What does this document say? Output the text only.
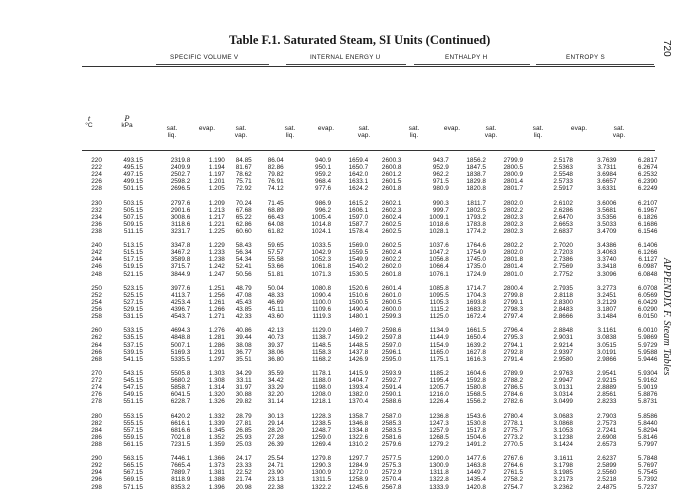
Table F.1. Saturated Steam, SI Units (Continued)	720
APPENDIX F. Steam Tables
SPECIFIC VOLUME V	INTERNAL ENERGY U	ENTHALPY H	ENTROPY S
t
°C
P
kPa	sat.
liq.
evap.	sat.
vap.
sat.
liq.
evap.	sat.
vap.
sat.
liq.
evap.	sat.
vap.
sat.
liq.
evap.	sat.
vap.
220	493.15	2319.8	1.190 84.85	86.04	940.9	1659.4 2600.3	943.7	1856.2	2799.9	2.5178	3.7639	6.2817
222	495.15	2409.9	1.194 81.67	82.86	950.1	1650.7 2600.8	952.9	1847.5	2800.5	2.5363	3.7311	6.2674
224	497.15	2502.7	1.197 78.62	79.82	959.2	1642.0 2601.2	962.2	1838.7	2800.9	2.5548	3.6984	6.2532
226	499.15	2598.2	1.201 75.71	76.91	968.4	1633.1 2601.5	971.5	1829.8	2801.4	2.5733	3.6657	6.2390
228	501.15	2696.5	1.205 72.92	74.12	977.6	1624.2 2601.8	980.9	1820.8	2801.7	2.5917	3.6331	6.2249
230	503.15	2797.6	1.209 70.24	71.45	986.9	1615.2 2602.1	990.3	1811.7	2802.0	2.6102	3.6006	6.2107
232	505.15	2901.6	1.213 67.68	68.89	996.2	1606.1 2602.3	999.7	1802.5	2802.2	2.6286	3.5681	6.1967
234	507.15	3008.6	1.217 65.22	66.43	1005.4	1597.0 2602.4	1009.1	1793.2	2802.3	2.6470	3.5356	6.1826
236	509.15	3118.6	1.221 62.86	64.08	1014.8	1587.7 2602.5	1018.6	1783.8	2802.3	2.6653	3.5033	6.1686
238	511.15	3231.7	1.225 60.60	61.82	1024.1	1578.4 2602.5	1028.1	1774.2	2802.3	2.6837	3.4709	6.1546
240	513.15	3347.8	1.229 58.43	59.65	1033.5	1569.0 2602.5	1037.6	1764.6	2802.2	2.7020	3.4386	6.1406
242	515.15	3467.2	1.233 56.34	57.57	1042.9	1559.5 2602.4	1047.2	1754.9	2802.0	2.7203	3.4063	6.1266
244	517.15	3589.8	1.238 54.34	55.58	1052.3	1549.9 2602.2	1056.8	1745.0	2801.8	2.7386	3.3740	6.1127
246	519.15	3715.7	1.242 52.41	53.66	1061.8	1540.2 2602.0	1066.4	1735.0	2801.4	2.7569	3.3418	6.0987
248	521.15	3844.9	1.247 50.56	51.81	1071.3	1530.5 2601.8	1076.1	1724.9	2801.0	2.7752	3.3096	6.0848
250	523.15	3977.6	1.251 48.79	50.04	1080.8	1520.6 2601.4	1085.8	1714.7	2800.4	2.7935	3.2773	6.0708
252	525.15	4113.7	1.256 47.08	48.33	1090.4	1510.6 2601.0	1095.5	1704.3	2799.8	2.8118	3.2451	6.0569
254	527.15	4253.4	1.261 45.43	46.69	1100.0	1500.5 2600.5	1105.3	1693.8	2799.1	2.8300	3.2129	6.0429
256	529.15	4396.7	1.266 43.85	45.11	1109.6	1490.4 2600.0	1115.2	1683.2	2798.3	2.8483	3.1807	6.0290
258	531.15	4543.7	1.271 42.33	43.60	1119.3	1480.1 2599.3	1125.0	1672.4	2797.4	2.8666	3.1484	6.0150
260	533.15	4694.3	1.276 40.86	42.13	1129.0	1469.7 2598.6	1134.9	1661.5	2796.4	2.8848	3.1161	6.0010
262	535.15	4848.8	1.281 39.44	40.73	1138.7	1459.2 2597.8	1144.9	1650.4	2795.3	2.9031	3.0838	5.9869
264	537.15	5007.1	1.286 38.08	39.37	1148.5	1448.5 2597.0	1154.9	1639.2	2794.1	2.9214	3.0515	5.9729
266	539.15	5169.3	1.291 36.77	38.06	1158.3	1437.8 2596.1	1165.0	1627.8	2792.8	2.9397	3.0191	5.9588
268	541.15	5335.5	1.297 35.51	36.80	1168.2	1426.9 2595.0	1175.1	1616.3	2791.4	2.9580	2.9866	5.9446
270	543.15	5505.8	1.303 34.29	35.59	1178.1	1415.9 2593.9	1185.2	1604.6	2789.9	2.9763	2.9541	5.9304
272	545.15	5680.2	1.308 33.11	34.42	1188.0	1404.7 2592.7	1195.4	1592.8	2788.2	2.9947	2.9215	5.9162
274	547.15	5858.7	1.314 31.97	33.29	1198.0	1393.4 2591.4	1205.7	1580.8	2786.5	3.0131	2.8889	5.9019
276	549.15	6041.5	1.320 30.88	32.20	1208.0	1382.0 2590.1	1216.0	1568.5	2784.6	3.0314	2.8561	5.8876
278	551.15	6228.7	1.326 29.82	31.14	1218.1	1370.4 2588.6	1226.4	1556.2	2782.6	3.0499	2.8233	5.8731
280	553.15	6420.2	1.332 28.79	30.13	1228.3	1358.7 2587.0	1236.8	1543.6	2780.4	3.0683	2.7903	5.8586
282	555.15	6616.1	1.339 27.81	29.14	1238.5	1346.8 2585.3	1247.3	1530.8	2778.1	3.0868	2.7573	5.8440
284	557.15	6816.6	1.345 26.85	28.20	1248.7	1334.8 2583.5	1257.9	1517.8	2775.7	3.1053	2.7241	5.8294
286	559.15	7021.8	1.352 25.93	27.28	1259.0	1322.6 2581.6	1268.5	1504.6	2773.2	3.1238	2.6908	5.8146
288	561.15	7231.5	1.359 25.03	26.39	1269.4	1310.2 2579.6	1279.2	1491.2	2770.5	3.1424	2.6573	5.7997
290	563.15	7446.1	1.366 24.17	25.54	1279.8	1297.7 2577.5	1290.0	1477.6	2767.6	3.1611	2.6237	5.7848
292	565.15	7665.4	1.373 23.33	24.71	1290.3	1284.9 2575.3	1300.9	1463.8	2764.6	3.1798	2.5899	5.7697
294	567.15	7889.7	1.381 22.52	23.90	1300.9	1272.0 2572.9	1311.8	1449.7	2761.5	3.1985	2.5560	5.7545
296	569.15	8118.9	1.388 21.74	23.13	1311.5	1258.9 2570.4	1322.8	1435.4	2758.2	3.2173	2.5218	5.7392
298	571.15	8353.2	1.396 20.98	22.38	1322.2	1245.6 2567.8	1333.9	1420.8	2754.7	3.2362	2.4875	5.7237
